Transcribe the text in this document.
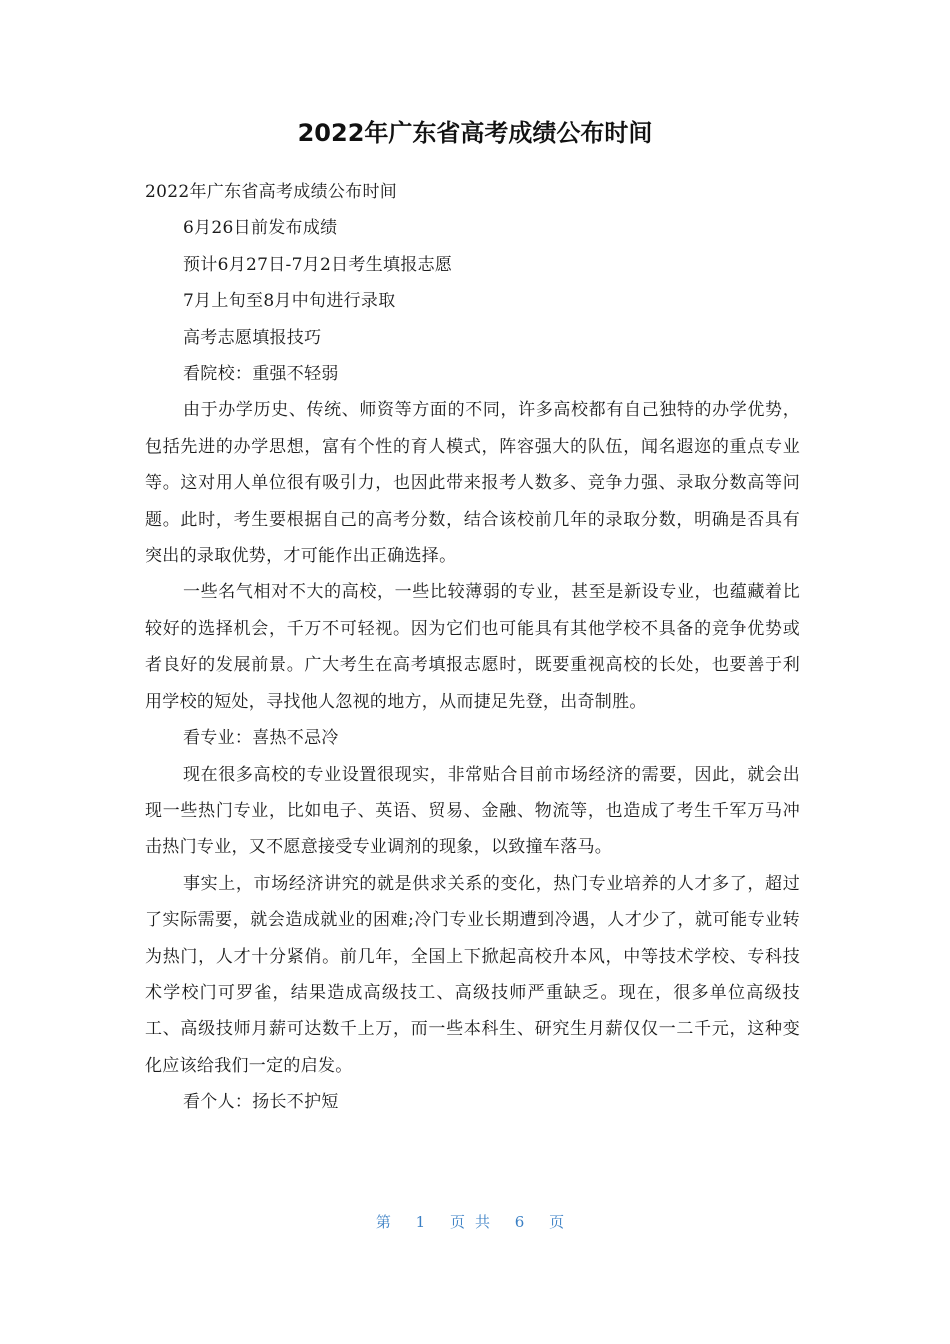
2022年广东省高考成绩公布时间

2022年广东省高考成绩公布时间

6月26日前发布成绩

预计6月27日-7月2日考生填报志愿

7月上旬至8月中旬进行录取

高考志愿填报技巧

看院校：重强不轻弱

由于办学历史、传统、师资等方面的不同，许多高校都有自己独特的办学优势，包括先进的办学思想，富有个性的育人模式，阵容强大的队伍，闻名遐迩的重点专业等。这对用人单位很有吸引力，也因此带来报考人数多、竞争力强、录取分数高等问题。此时，考生要根据自己的高考分数，结合该校前几年的录取分数，明确是否具有突出的录取优势，才可能作出正确选择。

一些名气相对不大的高校，一些比较薄弱的专业，甚至是新设专业，也蕴藏着比较好的选择机会，千万不可轻视。因为它们也可能具有其他学校不具备的竞争优势或者良好的发展前景。广大考生在高考填报志愿时，既要重视高校的长处，也要善于利用学校的短处，寻找他人忽视的地方，从而捷足先登，出奇制胜。

看专业：喜热不忌冷

现在很多高校的专业设置很现实，非常贴合目前市场经济的需要，因此，就会出现一些热门专业，比如电子、英语、贸易、金融、物流等，也造成了考生千军万马冲击热门专业，又不愿意接受专业调剂的现象，以致撞车落马。

事实上，市场经济讲究的就是供求关系的变化，热门专业培养的人才多了，超过了实际需要，就会造成就业的困难;冷门专业长期遭到冷遇，人才少了，就可能专业转为热门，人才十分紧俏。前几年，全国上下掀起高校升本风，中等技术学校、专科技术学校门可罗雀，结果造成高级技工、高级技师严重缺乏。现在，很多单位高级技工、高级技师月薪可达数千上万，而一些本科生、研究生月薪仅仅一二千元，这种变化应该给我们一定的启发。

看个人：扬长不护短

第 1 页共 6 页
